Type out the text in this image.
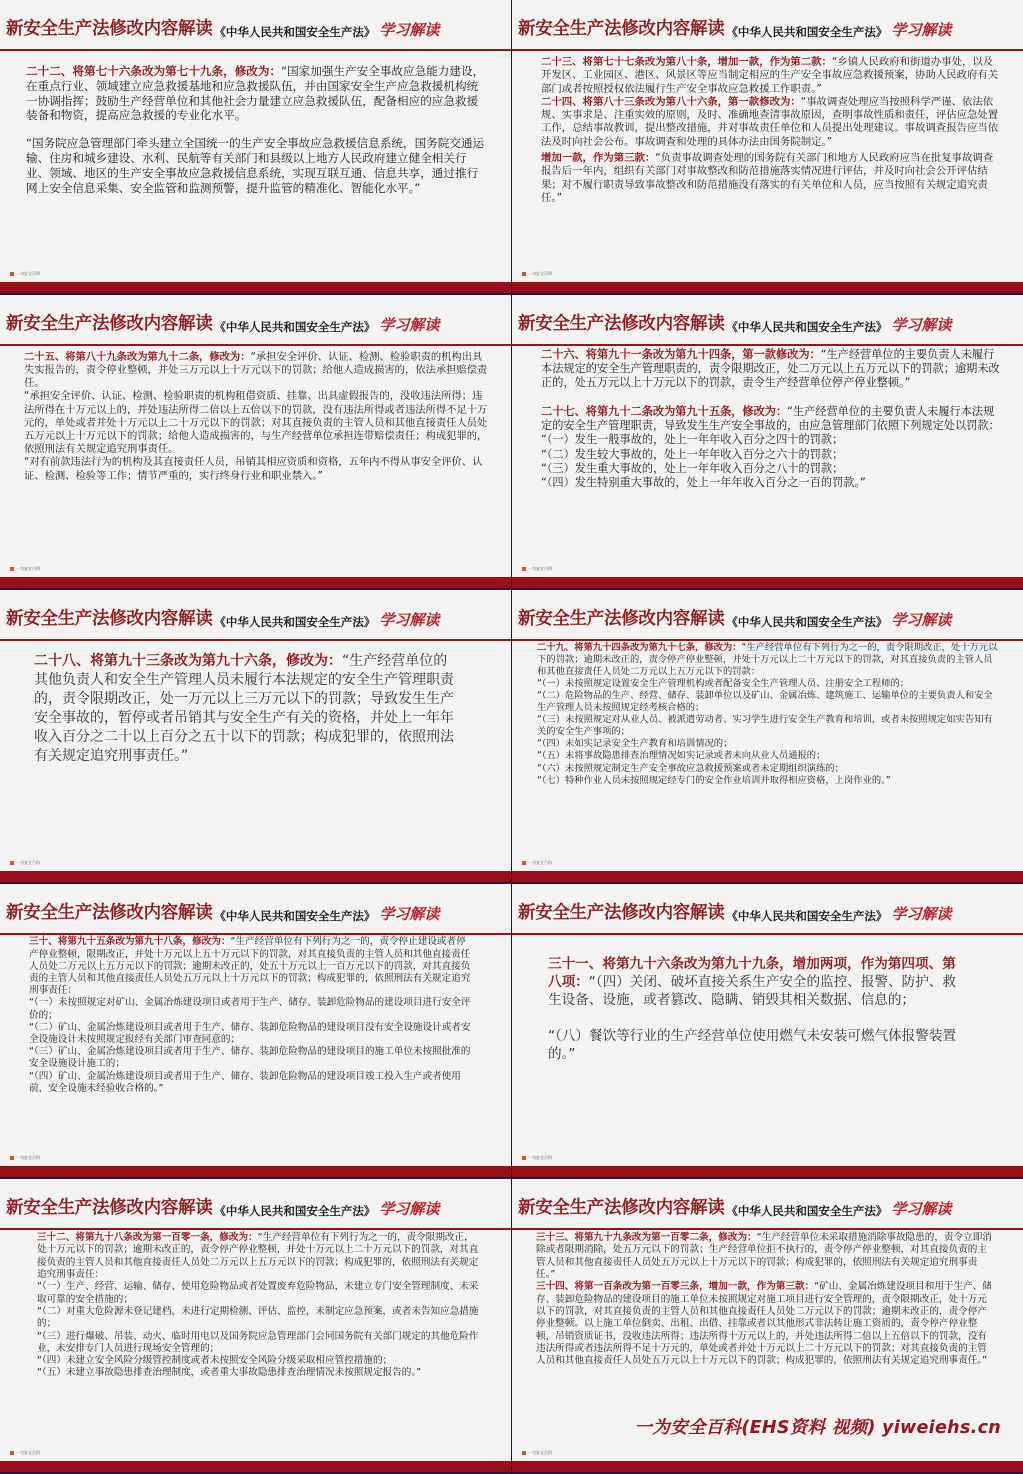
新安全生产法修改内容解读 《中华人民共和国安全生产法》 学习解读

二十二、将第七十六条改为第七十九条，修改为：“国家加强生产安全事故应急能力建设，在重点行业、领域建立应急救援基地和应急救援队伍，并由国家安全生产应急救援机构统一协调指挥；鼓励生产经营单位和其他社会力量建立应急救援队伍，配备相应的应急救援装备和物资，提高应急救援的专业化水平。

“国务院应急管理部门牵头建立全国统一的生产安全事故应急救援信息系统，国务院交通运输、住房和城乡建设、水利、民航等有关部门和县级以上地方人民政府建立健全相关行业、领域、地区的生产安全事故应急救援信息系统，实现互联互通、信息共享，通过推行网上安全信息采集、安全监管和监测预警，提升监管的精准化、智能化水平。”

一为安全百科
新安全生产法修改内容解读 《中华人民共和国安全生产法》 学习解读

二十三、将第七十七条改为第八十条，增加一款，作为第二款：“乡镇人民政府和街道办事处，以及开发区、工业园区、港区、风景区等应当制定相应的生产安全事故应急救援预案，协助人民政府有关部门或者按照授权依法履行生产安全事故应急救援工作职责。”

二十四、将第八十三条改为第八十六条，第一款修改为：“事故调查处理应当按照科学严谨、依法依规、实事求是、注重实效的原则，及时、准确地查清事故原因，查明事故性质和责任，评估应急处置工作，总结事故教训，提出整改措施，并对事故责任单位和人员提出处理建议。事故调查报告应当依法及时向社会公布。事故调查和处理的具体办法由国务院制定。”

增加一款，作为第三款：“负责事故调查处理的国务院有关部门和地方人民政府应当在批复事故调查报告后一年内，组织有关部门对事故整改和防范措施落实情况进行评估，并及时向社会公开评估结果；对不履行职责导致事故整改和防范措施没有落实的有关单位和人员，应当按照有关规定追究责任。”

一为安全百科
新安全生产法修改内容解读 《中华人民共和国安全生产法》 学习解读

二十五、将第八十九条改为第九十二条，修改为：“承担安全评价、认证、检测、检验职责的机构出具失实报告的，责令停业整顿，并处三万元以上十万元以下的罚款；给他人造成损害的，依法承担赔偿责任。

“承担安全评价、认证、检测、检验职责的机构租借资质、挂靠、出具虚假报告的，没收违法所得；违法所得在十万元以上的，并处违法所得二倍以上五倍以下的罚款，没有违法所得或者违法所得不足十万元的，单处或者并处十万元以上二十万元以下的罚款；对其直接负责的主管人员和其他直接责任人员处五万元以上十万元以下的罚款；给他人造成损害的，与生产经营单位承担连带赔偿责任；构成犯罪的，依照刑法有关规定追究刑事责任。

“对有前款违法行为的机构及其直接责任人员，吊销其相应资质和资格，五年内不得从事安全评价、认证、检测、检验等工作；情节严重的，实行终身行业和职业禁入。”

一为安全百科
新安全生产法修改内容解读 《中华人民共和国安全生产法》 学习解读

二十六、将第九十一条改为第九十四条，第一款修改为：“生产经营单位的主要负责人未履行本法规定的安全生产管理职责的，责令限期改正，处二万元以上五万元以下的罚款；逾期未改正的，处五万元以上十万元以下的罚款，责令生产经营单位停产停业整顿。”

二十七、将第九十二条改为第九十五条，修改为：“生产经营单位的主要负责人未履行本法规定的安全生产管理职责，导致发生生产安全事故的，由应急管理部门依照下列规定处以罚款：

“（一）发生一般事故的，处上一年年收入百分之四十的罚款；

“（二）发生较大事故的，处上一年年收入百分之六十的罚款；

“（三）发生重大事故的，处上一年年收入百分之八十的罚款；

“（四）发生特别重大事故的，处上一年年收入百分之一百的罚款。”

一为安全百科
新安全生产法修改内容解读 《中华人民共和国安全生产法》 学习解读

二十八、将第九十三条改为第九十六条，修改为：“生产经营单位的其他负责人和安全生产管理人员未履行本法规定的安全生产管理职责的，责令限期改正，处一万元以上三万元以下的罚款；导致发生生产安全事故的，暂停或者吊销其与安全生产有关的资格，并处上一年年收入百分之二十以上百分之五十以下的罚款；构成犯罪的，依照刑法有关规定追究刑事责任。”

一为安全百科
新安全生产法修改内容解读 《中华人民共和国安全生产法》 学习解读

二十九、将第九十四条改为第九十七条，修改为：“生产经营单位有下列行为之一的，责令限期改正，处十万元以下的罚款；逾期未改正的，责令停产停业整顿，并处十万元以上二十万元以下的罚款，对其直接负责的主管人员和其他直接责任人员处二万元以上五万元以下的罚款：

“（一）未按照规定设置安全生产管理机构或者配备安全生产管理人员、注册安全工程师的；

“（二）危险物品的生产、经营、储存、装卸单位以及矿山、金属冶炼、建筑施工、运输单位的主要负责人和安全生产管理人员未按照规定经考核合格的；

“（三）未按照规定对从业人员、被派遣劳动者、实习学生进行安全生产教育和培训，或者未按照规定如实告知有关的安全生产事项的；

“（四）未如实记录安全生产教育和培训情况的；

“（五）未将事故隐患排查治理情况如实记录或者未向从业人员通报的；

“（六）未按照规定制定生产安全事故应急救援预案或者未定期组织演练的；

“（七）特种作业人员未按照规定经专门的安全作业培训并取得相应资格，上岗作业的。”

一为安全百科
新安全生产法修改内容解读 《中华人民共和国安全生产法》 学习解读

三十、将第九十五条改为第九十八条，修改为：“生产经营单位有下列行为之一的，责令停止建设或者停产停业整顿，限期改正，并处十万元以上五十万元以下的罚款，对其直接负责的主管人员和其他直接责任人员处二万元以上五万元以下的罚款；逾期未改正的，处五十万元以上一百万元以下的罚款，对其直接负责的主管人员和其他直接责任人员处五万元以上十万元以下的罚款；构成犯罪的，依照刑法有关规定追究刑事责任：

“（一）未按照规定对矿山、金属冶炼建设项目或者用于生产、储存、装卸危险物品的建设项目进行安全评价的；

“（二）矿山、金属冶炼建设项目或者用于生产、储存、装卸危险物品的建设项目没有安全设施设计或者安全设施设计未按照规定报经有关部门审查同意的；

“（三）矿山、金属冶炼建设项目或者用于生产、储存、装卸危险物品的建设项目的施工单位未按照批准的安全设施设计施工的；

“（四）矿山、金属冶炼建设项目或者用于生产、储存、装卸危险物品的建设项目竣工投入生产或者使用前，安全设施未经验收合格的。”

一为安全百科
新安全生产法修改内容解读 《中华人民共和国安全生产法》 学习解读

三十一、将第九十六条改为第九十九条，增加两项，作为第四项、第八项：“（四）关闭、破坏直接关系生产安全的监控、报警、防护、救生设备、设施，或者篡改、隐瞒、销毁其相关数据、信息的；

“（八）餐饮等行业的生产经营单位使用燃气未安装可燃气体报警装置的。”

一为安全百科
新安全生产法修改内容解读 《中华人民共和国安全生产法》 学习解读

三十二、将第九十八条改为第一百零一条，修改为：“生产经营单位有下列行为之一的，责令限期改正，处十万元以下的罚款；逾期未改正的，责令停产停业整顿，并处十万元以上二十万元以下的罚款，对其直接负责的主管人员和其他直接责任人员处二万元以上五万元以下的罚款；构成犯罪的，依照刑法有关规定追究刑事责任：

“（一）生产、经营、运输、储存、使用危险物品或者处置废弃危险物品，未建立专门安全管理制度、未采取可靠的安全措施的；

“（二）对重大危险源未登记建档，未进行定期检测、评估、监控，未制定应急预案，或者未告知应急措施的；

“（三）进行爆破、吊装、动火、临时用电以及国务院应急管理部门会同国务院有关部门规定的其他危险作业，未安排专门人员进行现场安全管理的；

“（四）未建立安全风险分级管控制度或者未按照安全风险分级采取相应管控措施的；

“（五）未建立事故隐患排查治理制度，或者重大事故隐患排查治理情况未按照规定报告的。”

一为安全百科
新安全生产法修改内容解读 《中华人民共和国安全生产法》 学习解读

三十三、将第九十九条改为第一百零二条，修改为：“生产经营单位未采取措施消除事故隐患的，责令立即消除或者限期消除，处五万元以下的罚款；生产经营单位拒不执行的，责令停产停业整顿，对其直接负责的主管人员和其他直接责任人员处五万元以上十万元以下的罚款；构成犯罪的，依照刑法有关规定追究刑事责任。”

三十四、将第一百条改为第一百零三条，增加一款，作为第三款：“矿山、金属冶炼建设项目和用于生产、储存、装卸危险物品的建设项目的施工单位未按照规定对施工项目进行安全管理的，责令限期改正，处十万元以下的罚款，对其直接负责的主管人员和其他直接责任人员处二万元以下的罚款；逾期未改正的，责令停产停业整顿。以上施工单位倒卖、出租、出借、挂靠或者以其他形式非法转让施工资质的，责令停产停业整顿，吊销资质证书，没收违法所得；违法所得十万元以上的，并处违法所得二倍以上五倍以下的罚款，没有违法所得或者违法所得不足十万元的，单处或者并处十万元以上二十万元以下的罚款；对其直接负责的主管人员和其他直接责任人员处五万元以上十万元以下的罚款；构成犯罪的，依照刑法有关规定追究刑事责任。”

一为安全百科(EHS资料 视频) yiweiehs.cn
一为安全百科
